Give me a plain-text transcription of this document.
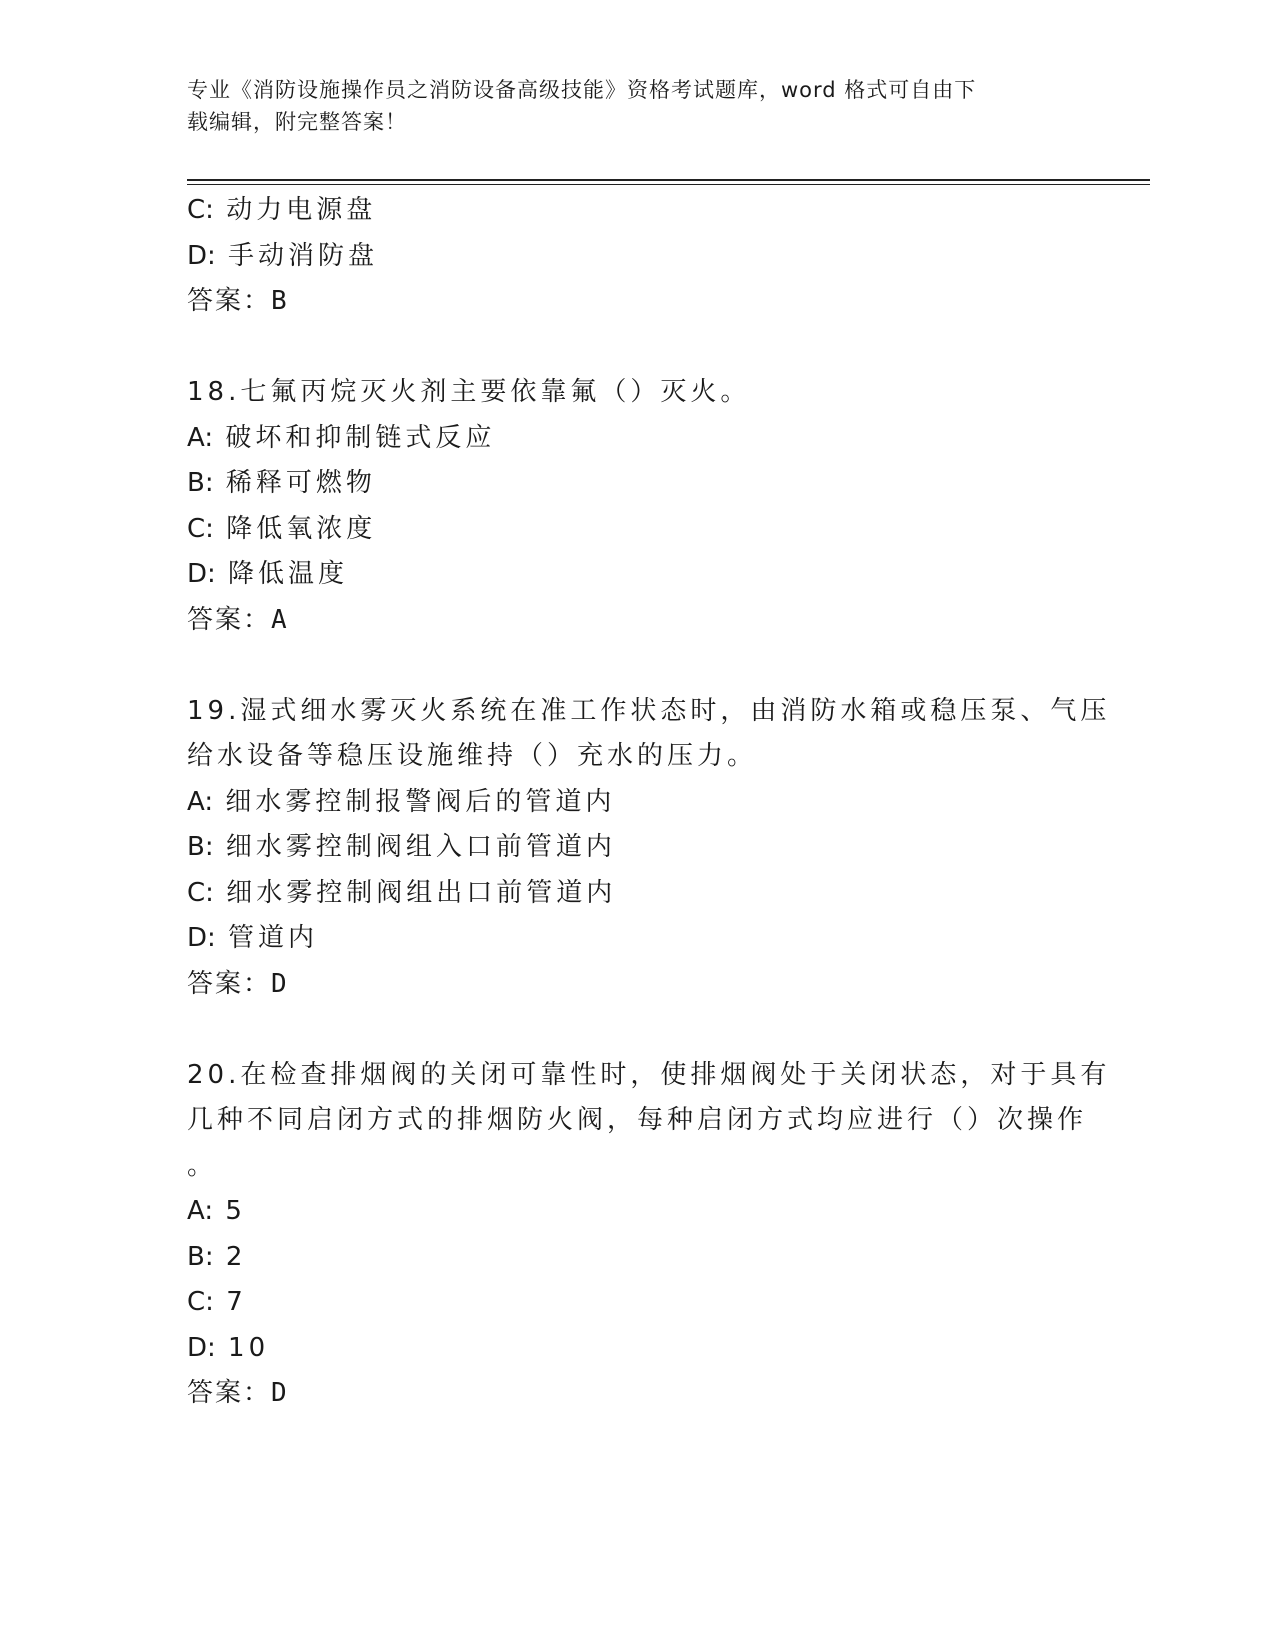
专业《消防设施操作员之消防设备高级技能》资格考试题库，word 格式可自由下
载编辑，附完整答案！
C: 动力电源盘
D: 手动消防盘
答案：B
18.七氟丙烷灭火剂主要依靠氟（）灭火。
A: 破坏和抑制链式反应
B: 稀释可燃物
C: 降低氧浓度
D: 降低温度
答案：A
19.湿式细水雾灭火系统在准工作状态时，由消防水箱或稳压泵、气压
给水设备等稳压设施维持（）充水的压力。
A: 细水雾控制报警阀后的管道内
B: 细水雾控制阀组入口前管道内
C: 细水雾控制阀组出口前管道内
D: 管道内
答案：D
20.在检查排烟阀的关闭可靠性时，使排烟阀处于关闭状态，对于具有
几种不同启闭方式的排烟防火阀，每种启闭方式均应进行（）次操作
。
A: 5
B: 2
C: 7
D: 10
答案：D
